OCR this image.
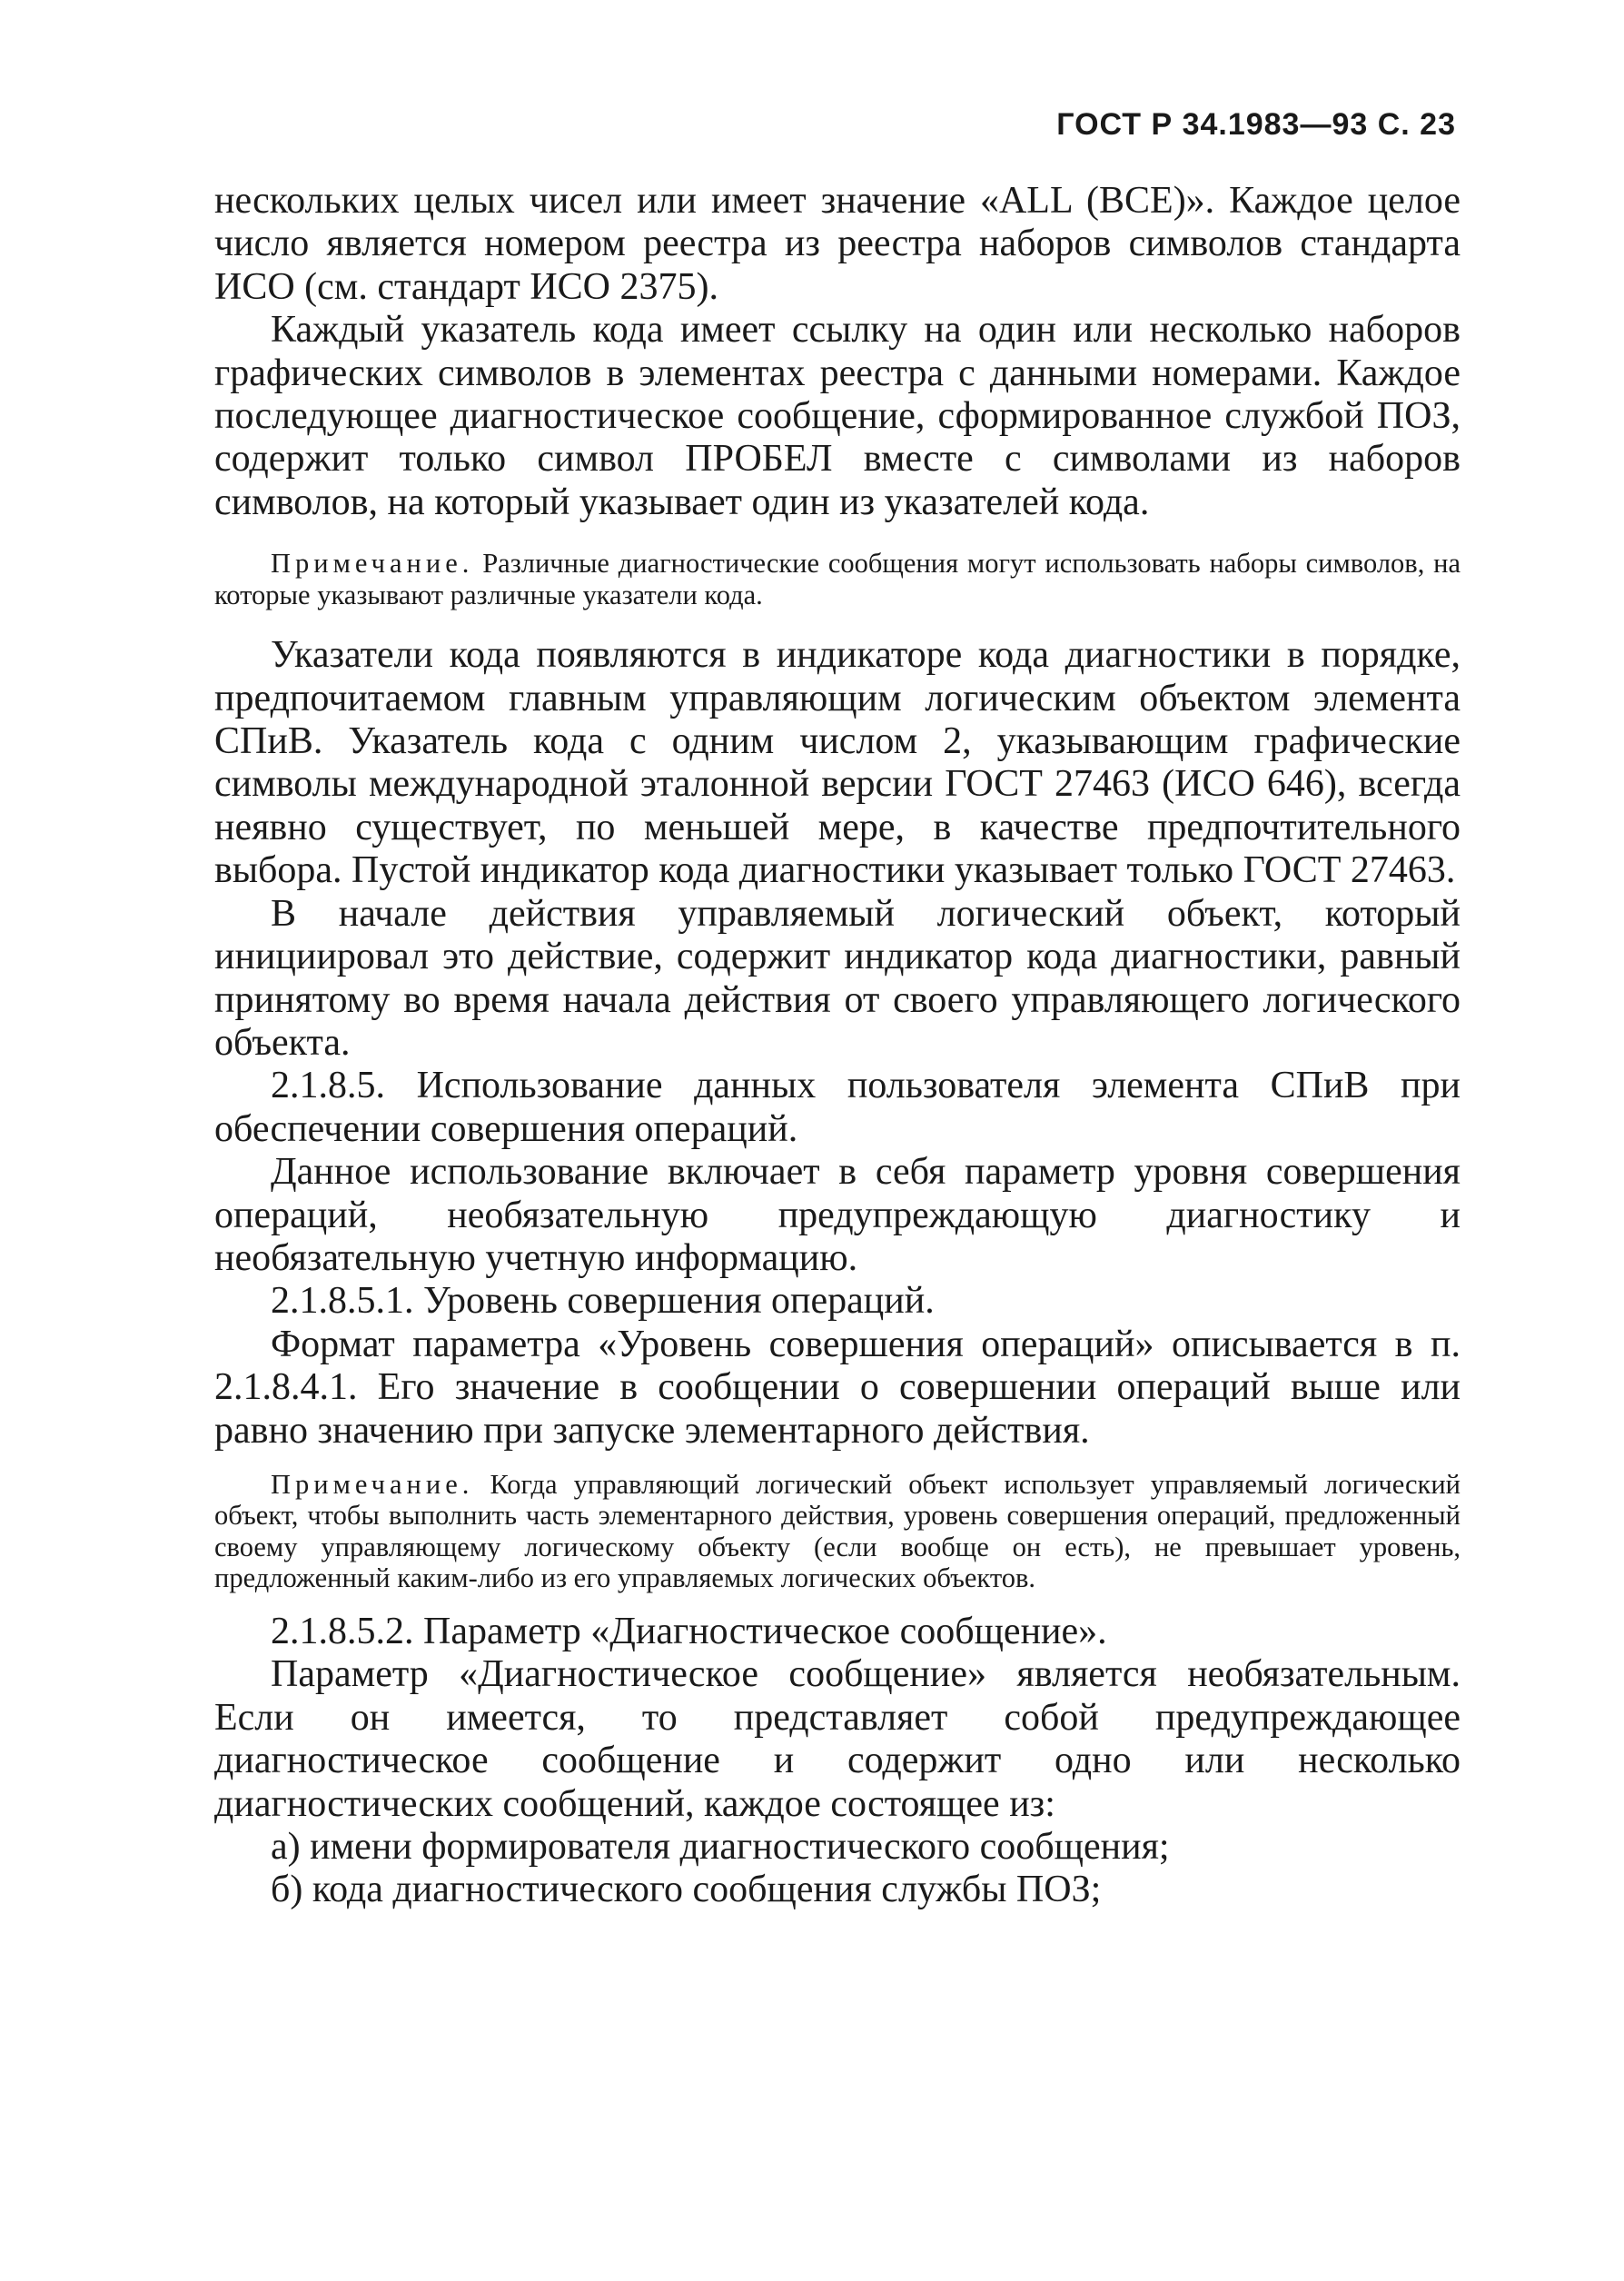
ГОСТ Р 34.1983—93 С. 23

нескольких целых чисел или имеет значение «ALL (ВСЕ)». Каждое целое число является номером реестра из реестра наборов символов стандарта ИСО (см. стандарт ИСО 2375).

Каждый указатель кода имеет ссылку на один или несколько наборов графических символов в элементах реестра с данными номерами. Каждое последующее диагностическое сообщение, сформированное службой ПОЗ, содержит только символ ПРОБЕЛ вместе с символами из наборов символов, на который указывает один из указателей кода.

Примечание. Различные диагностические сообщения могут использовать наборы символов, на которые указывают различные указатели кода.

Указатели кода появляются в индикаторе кода диагностики в порядке, предпочитаемом главным управляющим логическим объектом элемента СПиВ. Указатель кода с одним числом 2, указывающим графические символы международной эталонной версии ГОСТ 27463 (ИСО 646), всегда неявно существует, по меньшей мере, в качестве предпочтительного выбора. Пустой индикатор кода диагностики указывает только ГОСТ 27463.

В начале действия управляемый логический объект, который инициировал это действие, содержит индикатор кода диагностики, равный принятому во время начала действия от своего управляющего логического объекта.

2.1.8.5. Использование данных пользователя элемента СПиВ при обеспечении совершения операций.

Данное использование включает в себя параметр уровня совершения операций, необязательную предупреждающую диагностику и необязательную учетную информацию.

2.1.8.5.1. Уровень совершения операций.

Формат параметра «Уровень совершения операций» описывается в п. 2.1.8.4.1. Его значение в сообщении о совершении операций выше или равно значению при запуске элементарного действия.

Примечание. Когда управляющий логический объект использует управляемый логический объект, чтобы выполнить часть элементарного действия, уровень совершения операций, предложенный своему управляющему логическому объекту (если вообще он есть), не превышает уровень, предложенный каким-либо из его управляемых логических объектов.

2.1.8.5.2. Параметр «Диагностическое сообщение».

Параметр «Диагностическое сообщение» является необязательным. Если он имеется, то представляет собой предупреждающее диагностическое сообщение и содержит одно или несколько диагностических сообщений, каждое состоящее из:

а) имени формирователя диагностического сообщения;

б) кода диагностического сообщения службы ПОЗ;
